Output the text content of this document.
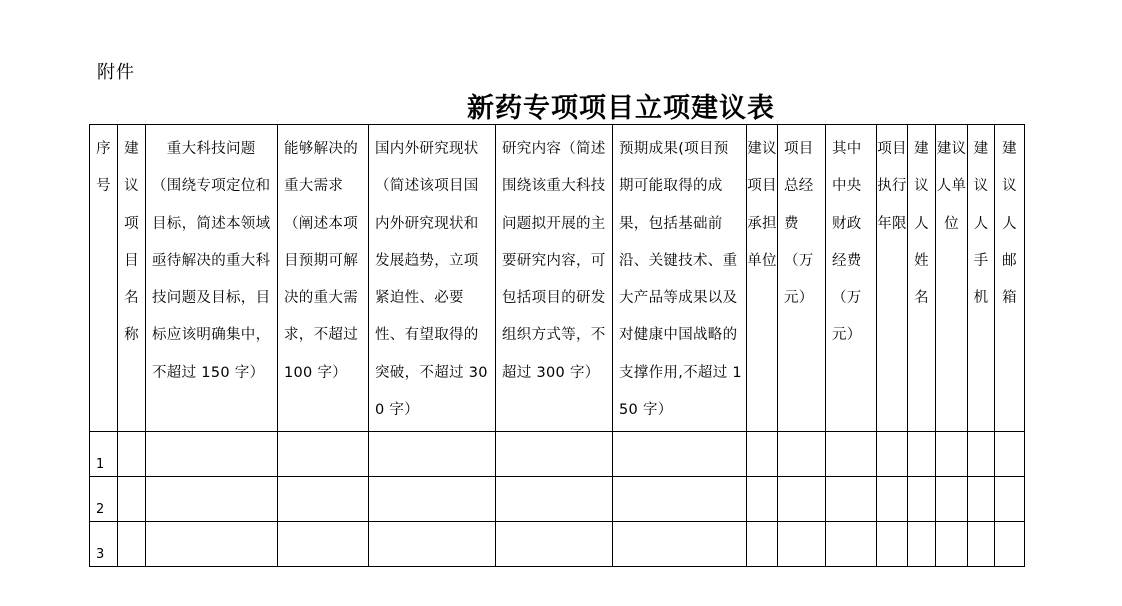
附件
新药专项项目立项建议表
序号	建议项目名称	　重大科技问题（围绕专项定位和目标，简述本领域亟待解决的重大科技问题及目标，目标应该明确集中，不超过 150 字）	能够解决的重大需求（阐述本项目预期可解决的重大需求，不超过 100 字）	国内外研究现状（简述该项目国内外研究现状和发展趋势，立项紧迫性、必要性、有望取得的突破，不超过 300 字）	研究内容（简述围绕该重大科技问题拟开展的主要研究内容，可包括项目的研发组织方式等，不超过 300 字）	预期成果(项目预期可能取得的成果，包括基础前沿、关键技术、重大产品等成果以及对健康中国战略的支撑作用,不超过 150 字）	建议项目承担单位	项目总经费（万元）	其中中央财政经费（万元）	项目执行年限	建议人姓名	建议人单位	建议人手机	建议人邮箱
1														
2														
3														
